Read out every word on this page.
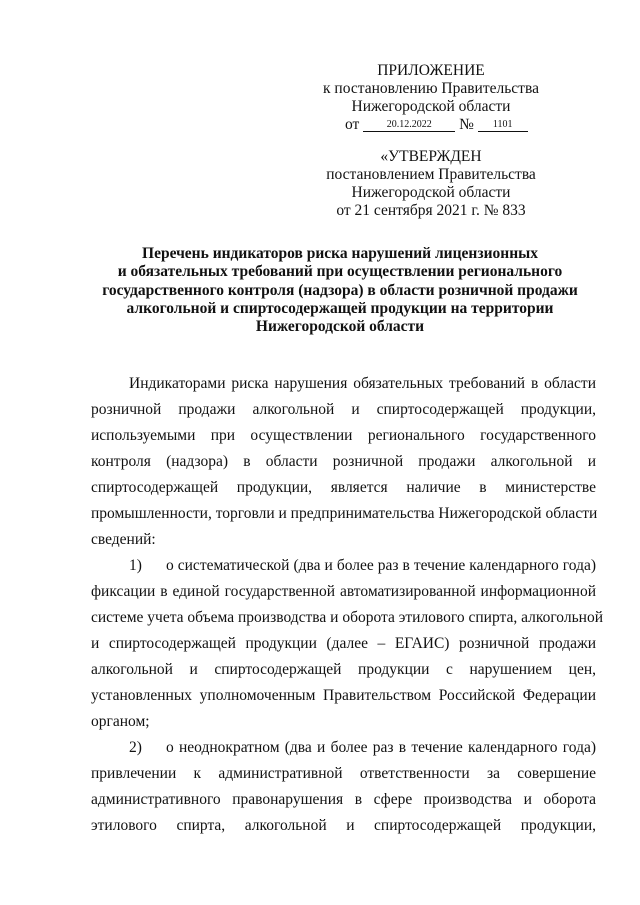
ПРИЛОЖЕНИЕ
к постановлению Правительства
Нижегородской области
от	20.12.2022 № 1101
«УТВЕРЖДЕН
постановлением Правительства
Нижегородской области
от 21 сентября 2021 г. № 833
Перечень индикаторов риска нарушений лицензионных
и обязательных требований при осуществлении регионального
государственного контроля (надзора) в области розничной продажи
алкогольной и спиртосодержащей продукции на территории
Нижегородской области
Индикаторами риска нарушения обязательных требований в области
розничной продажи алкогольной и спиртосодержащей продукции,
используемыми при осуществлении регионального государственного
контроля (надзора) в области розничной продажи алкогольной и
спиртосодержащей продукции, является наличие в министерстве
промышленности, торговли и предпринимательства Нижегородской области
сведений:
1) о систематической (два и более раз в течение календарного года)
фиксации в единой государственной автоматизированной информационной
системе учета объема производства и оборота этилового спирта, алкогольной
и спиртосодержащей продукции (далее – ЕГАИС) розничной продажи
алкогольной и спиртосодержащей продукции с нарушением цен,
установленных уполномоченным Правительством Российской Федерации
органом;
2) о неоднократном (два и более раз в течение календарного года)
привлечении к административной ответственности за совершение
административного правонарушения в сфере производства и оборота
этилового спирта, алкогольной и спиртосодержащей продукции,
